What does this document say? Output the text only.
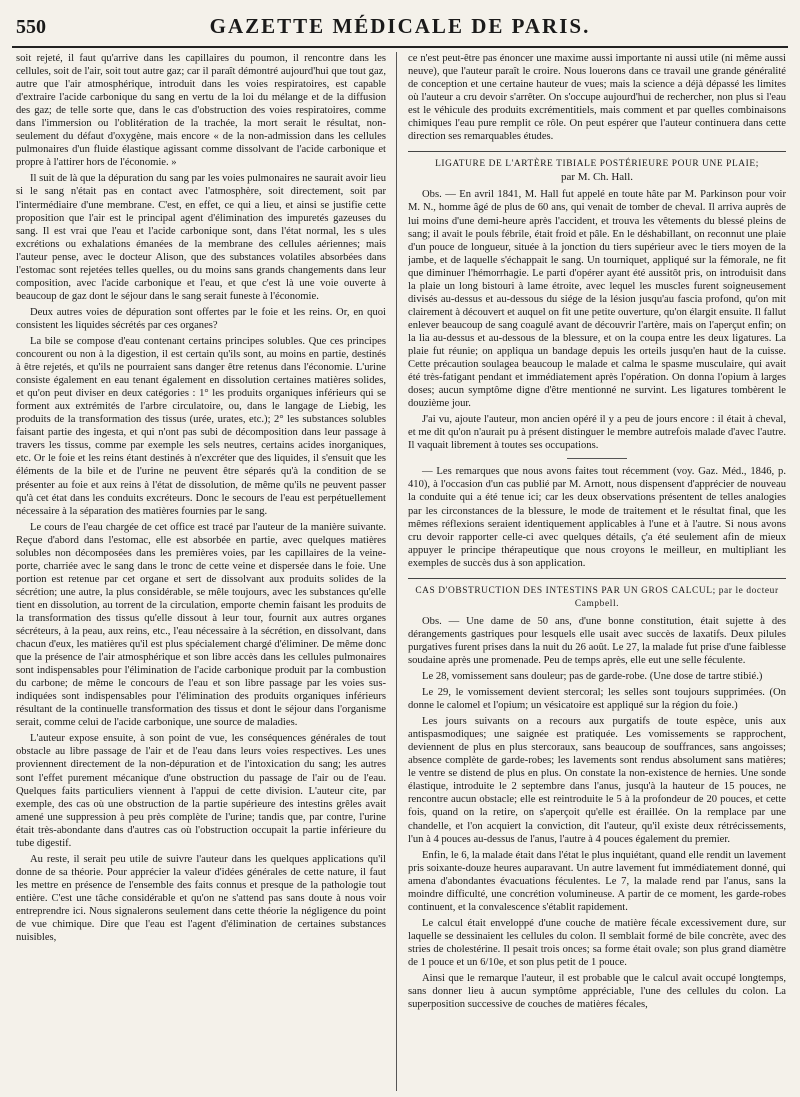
550	GAZETTE MÉDICALE DE PARIS.

soit rejeté, il faut qu'arrive dans les capillaires du poumon, il rencontre dans les cellules, soit de l'air, soit tout autre gaz; car il paraît démontré aujourd'hui que tout gaz, autre que l'air atmosphérique, introduit dans les voies respiratoires, est capable d'extraire l'acide carbonique du sang en vertu de la loi du mélange et de la diffusion des gaz; de telle sorte que, dans le cas d'obstruction des voies respiratoires, comme dans l'immersion ou l'oblitération de la trachée, la mort serait le résultat, non-seulement du défaut d'oxygène, mais encore « de la non-admission dans les cellules pulmonaires d'un fluide élastique agissant comme dissolvant de l'acide carbonique et propre à l'attirer hors de l'économie. »

Il suit de là que la dépuration du sang par les voies pulmonaires ne saurait avoir lieu si le sang n'était pas en contact avec l'atmosphère, soit directement, soit par l'intermédiaire d'une membrane. C'est, en effet, ce qui a lieu, et ainsi se justifie cette proposition que l'air est le principal agent d'élimination des impuretés gazeuses du sang. Il est vrai que l'eau et l'acide carbonique sont, dans l'état normal, les s ules excrétions ou exhalations émanées de la membrane des cellules aériennes; mais l'auteur pense, avec le docteur Alison, que des substances volatiles absorbées dans l'estomac sont rejetées telles quelles, ou du moins sans grands changements dans leur composition, avec l'acide carbonique et l'eau, et que c'est là une voie ouverte à beaucoup de gaz dont le séjour dans le sang serait funeste à l'économie.

Deux autres voies de dépuration sont offertes par le foie et les reins. Or, en quoi consistent les liquides sécrétés par ces organes?

La bile se compose d'eau contenant certains principes solubles. Que ces principes concourent ou non à la digestion, il est certain qu'ils sont, au moins en partie, destinés à être rejetés, et qu'ils ne pourraient sans danger être retenus dans l'économie. L'urine consiste également en eau tenant également en dissolution certaines matières solides, et qu'on peut diviser en deux catégories : 1° les produits organiques inférieurs qui se forment aux extrémités de l'arbre circulatoire, ou, dans le langage de Liebig, les produits de la transformation des tissus (urée, urates, etc.); 2° les substances solubles faisant partie des ingesta, et qui n'ont pas subi de décomposition dans leur passage à travers les tissus, comme par exemple les sels neutres, certains acides inorganiques, etc. Or le foie et les reins étant destinés à n'excréter que des liquides, il s'ensuit que les éléments de la bile et de l'urine ne peuvent être séparés qu'à la condition de se présenter au foie et aux reins à l'état de dissolution, de même qu'ils ne peuvent passer qu'à cet état dans les conduits excréteurs. Donc le secours de l'eau est perpétuellement nécessaire à la séparation des matières fournies par le sang.

Le cours de l'eau chargée de cet office est tracé par l'auteur de la manière suivante. Reçue d'abord dans l'estomac, elle est absorbée en partie, avec quelques matières solubles non décomposées dans les premières voies, par les capillaires de la veine-porte, charriée avec le sang dans le tronc de cette veine et dispersée dans le foie. Une portion est retenue par cet organe et sert de dissolvant aux produits solides de la sécrétion; une autre, la plus considérable, se mêle toujours, avec les substances qu'elle tient en dissolution, au torrent de la circulation, emporte chemin faisant les produits de la transformation des tissus qu'elle dissout à leur tour, fournit aux autres organes sécréteurs, à la peau, aux reins, etc., l'eau nécessaire à la sécrétion, en dissolvant, dans chacun d'eux, les matières qu'il est plus spécialement chargé d'éliminer. De même donc que la présence de l'air atmosphérique et son libre accès dans les cellules pulmonaires sont indispensables pour l'élimination de l'acide carbonique produit par la combustion du carbone; de même le concours de l'eau et son libre passage par les voies sus-indiquées sont indispensables pour l'élimination des produits organiques inférieurs résultant de la continuelle transformation des tissus et dont le séjour dans l'organisme serait, comme celui de l'acide carbonique, une source de maladies.

L'auteur expose ensuite, à son point de vue, les conséquences générales de tout obstacle au libre passage de l'air et de l'eau dans leurs voies respectives. Les unes proviennent directement de la non-dépuration et de l'intoxication du sang; les autres sont l'effet purement mécanique d'une obstruction du passage de l'air ou de l'eau. Quelques faits particuliers viennent à l'appui de cette division. L'auteur cite, par exemple, des cas où une obstruction de la partie supérieure des intestins grêles avait amené une suppression à peu près complète de l'urine; tandis que, par contre, l'urine était très-abondante dans d'autres cas où l'obstruction occupait la partie inférieure du tube digestif.

Au reste, il serait peu utile de suivre l'auteur dans les quelques applications qu'il donne de sa théorie. Pour apprécier la valeur d'idées générales de cette nature, il faut les mettre en présence de l'ensemble des faits connus et presque de la pathologie tout entière. C'est une tâche considérable et qu'on ne s'attend pas sans doute à nous voir entreprendre ici. Nous signalerons seulement dans cette théorie la négligence du point de vue chimique. Dire que l'eau est l'agent d'élimination de certaines substances nuisibles,

ce n'est peut-être pas énoncer une maxime aussi importante ni aussi utile (ni même aussi neuve), que l'auteur paraît le croire. Nous louerons dans ce travail une grande généralité de conception et une certaine hauteur de vues; mais la science a déjà dépassé les limites où l'auteur a cru devoir s'arrêter. On s'occupe aujourd'hui de rechercher, non plus si l'eau est le véhicule des produits excrémentitiels, mais comment et par quelles combinaisons chimiques l'eau pure remplit ce rôle. On peut espérer que l'auteur continuera dans cette direction ses remarquables études.

LIGATURE DE L'ARTÈRE TIBIALE POSTÉRIEURE POUR UNE PLAIE;
par M. Ch. Hall.

Obs. — En avril 1841, M. Hall fut appelé en toute hâte par M. Parkinson pour voir M. N., homme âgé de plus de 60 ans, qui venait de tomber de cheval. Il arriva auprès de lui moins d'une demi-heure après l'accident, et trouva les vêtements du blessé pleins de sang; il avait le pouls fébrile, était froid et pâle. En le déshabillant, on reconnut une plaie d'un pouce de longueur, située à la jonction du tiers supérieur avec le tiers moyen de la jambe, et de laquelle s'échappait le sang. Un tourniquet, appliqué sur la fémorale, ne fit que diminuer l'hémorrhagie. Le parti d'opérer ayant été aussitôt pris, on introduisit dans la plaie un long bistouri à lame étroite, avec lequel les muscles furent soigneusement divisés au-dessus et au-dessous du siége de la lésion jusqu'au fascia profond, qu'on mit clairement à découvert et auquel on fit une petite ouverture, qu'on élargit ensuite. Il fallut enlever beaucoup de sang coagulé avant de découvrir l'artère, mais on l'aperçut enfin; on la lia au-dessus et au-dessous de la blessure, et on la coupa entre les deux ligatures. La plaie fut réunie; on appliqua un bandage depuis les orteils jusqu'en haut de la cuisse. Cette précaution soulagea beaucoup le malade et calma le spasme musculaire, qui avait été très-fatigant pendant et immédiatement après l'opération. On donna l'opium à larges doses; aucun symptôme digne d'être mentionné ne survint. Les ligatures tombèrent le douzième jour.

J'ai vu, ajoute l'auteur, mon ancien opéré il y a peu de jours encore : il était à cheval, et me dit qu'on n'aurait pu à présent distinguer le membre autrefois malade d'avec l'autre. Il vaquait librement à toutes ses occupations.

— Les remarques que nous avons faites tout récemment (voy. Gaz. Méd., 1846, p. 410), à l'occasion d'un cas publié par M. Arnott, nous dispensent d'apprécier de nouveau la conduite qui a été tenue ici; car les deux observations présentent de telles analogies par les circonstances de la blessure, le mode de traitement et le résultat final, que les mêmes réflexions seraient identiquement applicables à l'une et à l'autre. Si nous avons cru devoir rapporter celle-ci avec quelques détails, ç'a été seulement afin de mieux appuyer le principe thérapeutique que nous croyons le meilleur, en multipliant les exemples de succès dus à son application.

CAS D'OBSTRUCTION DES INTESTINS PAR UN GROS CALCUL; par le docteur Campbell.

Obs. — Une dame de 50 ans, d'une bonne constitution, était sujette à des dérangements gastriques pour lesquels elle usait avec succès de laxatifs. Deux pilules purgatives furent prises dans la nuit du 26 août. Le 27, la malade fut prise d'une faiblesse soudaine après une promenade. Peu de temps après, elle eut une selle féculente.

Le 28, vomissement sans douleur; pas de garde-robe. (Une dose de tartre stibié.)

Le 29, le vomissement devient stercoral; les selles sont toujours supprimées. (On donne le calomel et l'opium; un vésicatoire est appliqué sur la région du foie.)

Les jours suivants on a recours aux purgatifs de toute espèce, unis aux antispasmodiques; une saignée est pratiquée. Les vomissements se rapprochent, deviennent de plus en plus stercoraux, sans beaucoup de souffrances, sans angoisses; absence complète de garde-robes; les lavements sont rendus absolument sans matières; le ventre se distend de plus en plus. On constate la non-existence de hernies. Une sonde élastique, introduite le 2 septembre dans l'anus, jusqu'à la hauteur de 15 pouces, ne rencontre aucun obstacle; elle est reintroduite le 5 à la profondeur de 20 pouces, et cette fois, quand on la retire, on s'aperçoit qu'elle est éraillée. On la remplace par une chandelle, et l'on acquiert la conviction, dit l'auteur, qu'il existe deux rétrécissements, l'un à 4 pouces au-dessus de l'anus, l'autre à 4 pouces également du premier.

Enfin, le 6, la malade était dans l'état le plus inquiétant, quand elle rendit un lavement pris soixante-douze heures auparavant. Un autre lavement fut immédiatement donné, qui amena d'abondantes évacuations féculentes. Le 7, la malade rend par l'anus, sans la moindre difficulté, une concrétion volumineuse. A partir de ce moment, les garde-robes continuent, et la convalescence s'établit rapidement.

Le calcul était enveloppé d'une couche de matière fécale excessivement dure, sur laquelle se dessinaient les cellules du colon. Il semblait formé de bile concrète, avec des stries de cholestérine. Il pesait trois onces; sa forme était ovale; son plus grand diamètre de 1 pouce et un 6/10e, et son plus petit de 1 pouce.

Ainsi que le remarque l'auteur, il est probable que le calcul avait occupé longtemps, sans donner lieu à aucun symptôme appréciable, l'une des cellules du colon. La superposition successive de couches de matières fécales,
